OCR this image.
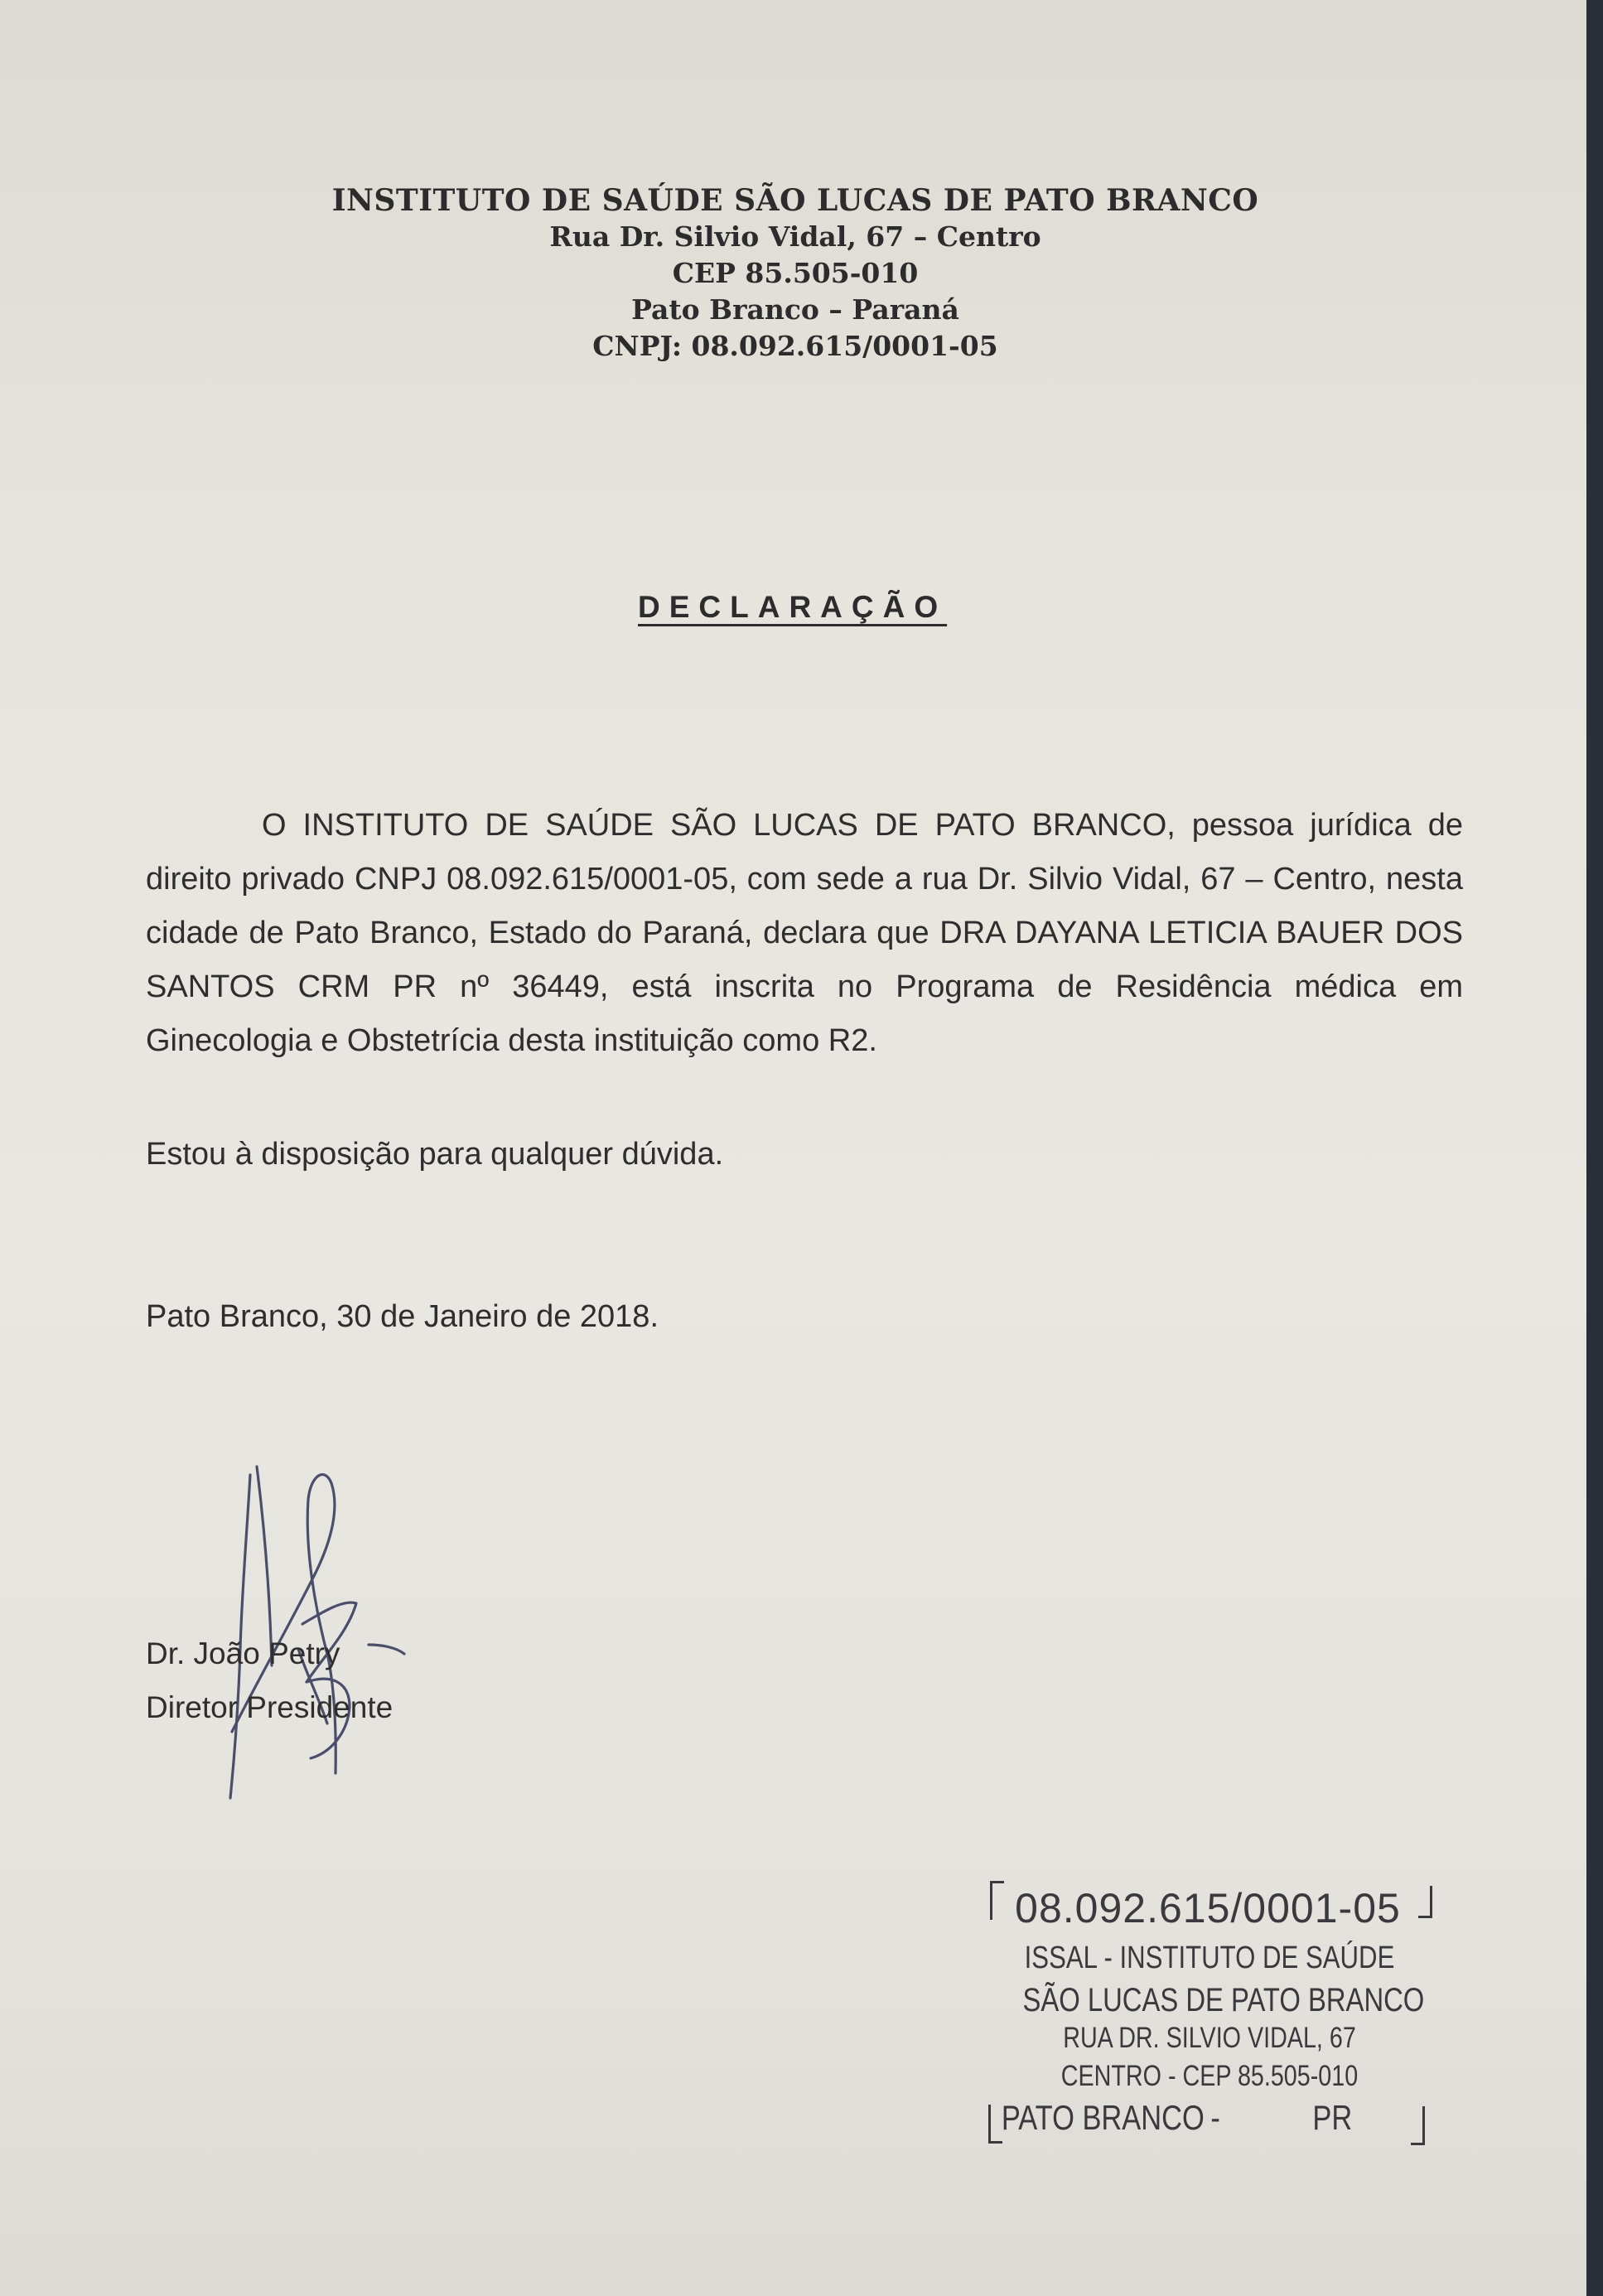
INSTITUTO DE SAÚDE SÃO LUCAS DE PATO BRANCO
Rua Dr. Silvio Vidal, 67 – Centro
CEP 85.505-010
Pato Branco – Paraná
CNPJ: 08.092.615/0001-05
DECLARAÇÃO

O INSTITUTO DE SAÚDE SÃO LUCAS DE PATO BRANCO, pessoa jurídica de direito privado CNPJ 08.092.615/0001-05, com sede a rua Dr. Silvio Vidal, 67 – Centro, nesta cidade de Pato Branco, Estado do Paraná, declara que DRA DAYANA LETICIA BAUER DOS SANTOS CRM PR nº 36449, está inscrita no Programa de Residência médica em Ginecologia e Obstetrícia desta instituição como R2.

Estou à disposição para qualquer dúvida.
Pato Branco, 30 de Janeiro de 2018.
Dr. João Petry
Diretor Presidente
08.092.615/0001-05
ISSAL - INSTITUTO DE SAÚDE
SÃO LUCAS DE PATO BRANCO
RUA DR. SILVIO VIDAL, 67
CENTRO - CEP 85.505-010
PATO BRANCO -	PR
